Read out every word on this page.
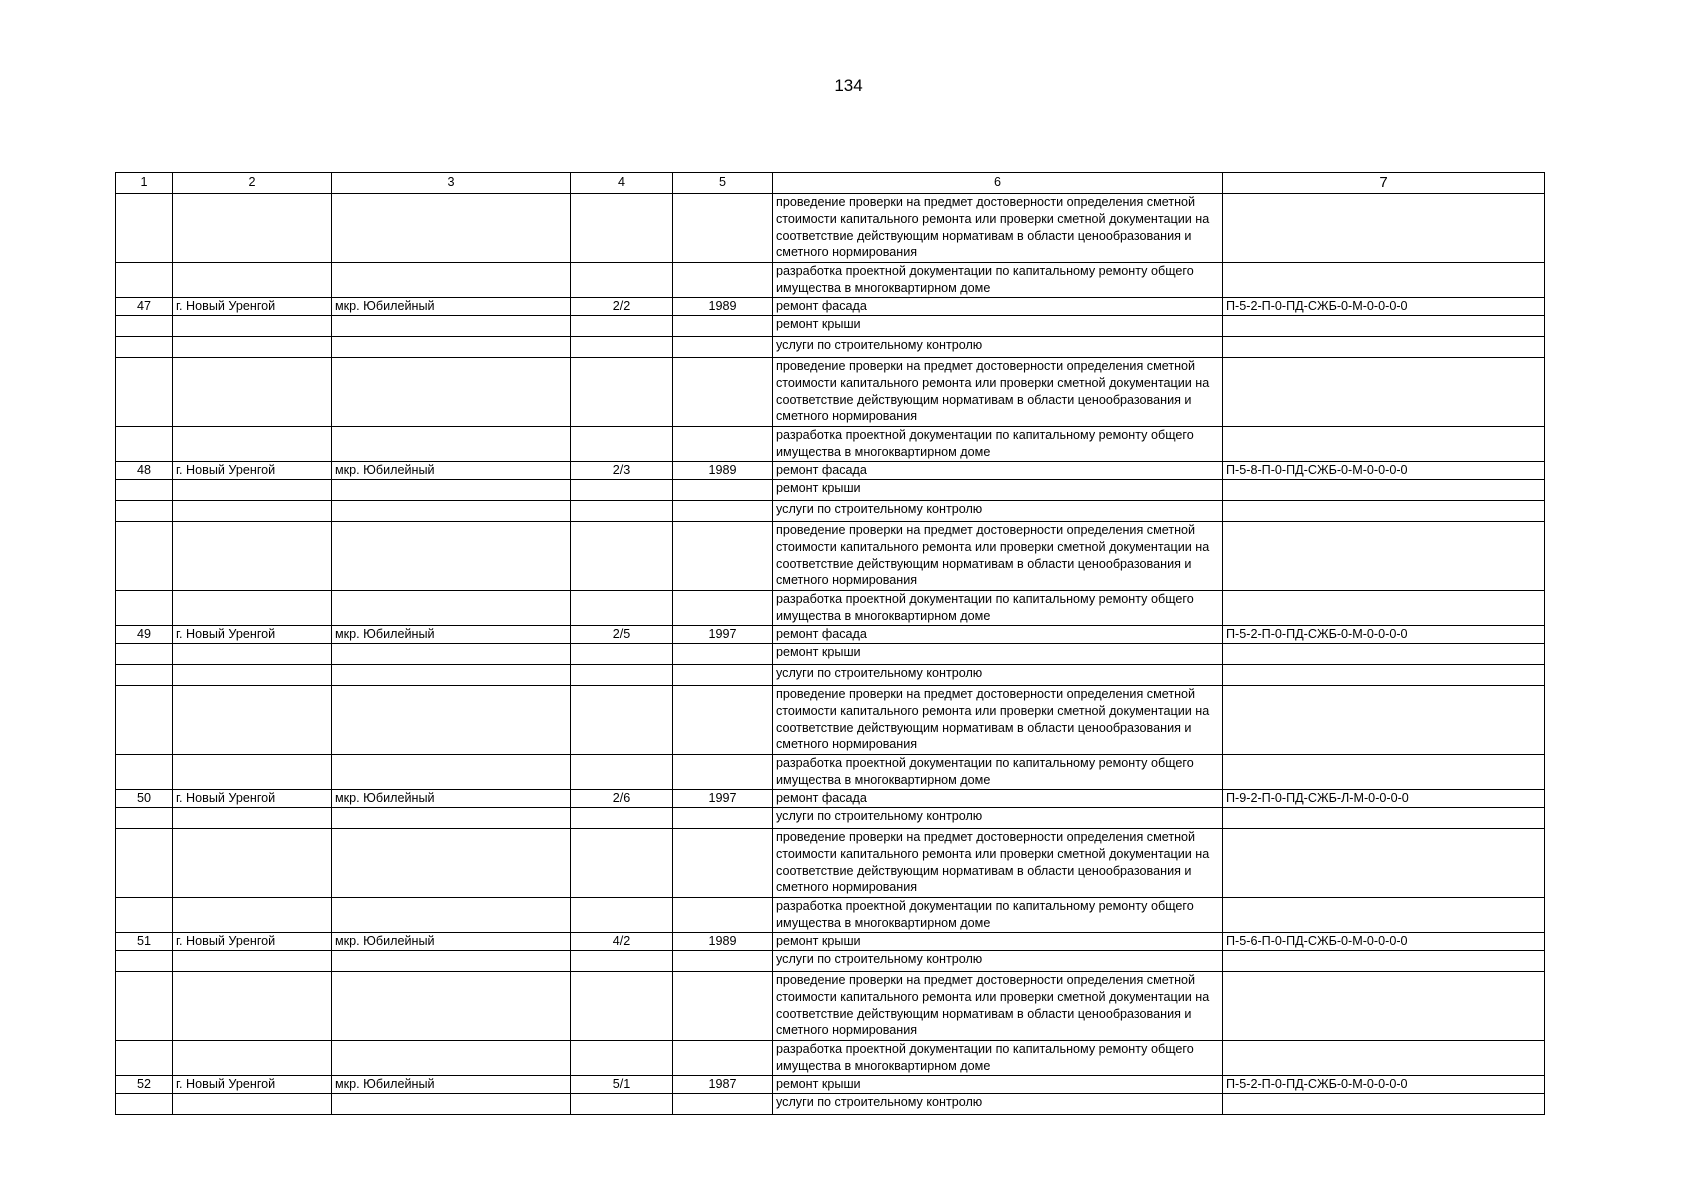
134
1	2	3	4	5	6	7
					проведение проверки на предмет достоверности определения сметной стоимости капитального ремонта или проверки сметной документации на соответствие действующим нормативам в области ценообразования и сметного нормирования	
					разработка проектной документации по капитальному ремонту общего имущества в многоквартирном доме	
47	г. Новый Уренгой	мкр. Юбилейный	2/2	1989	ремонт фасада	П-5-2-П-0-ПД-СЖБ-0-М-0-0-0-0
					ремонт крыши	
					услуги по строительному контролю	
					проведение проверки на предмет достоверности определения сметной стоимости капитального ремонта или проверки сметной документации на соответствие действующим нормативам в области ценообразования и сметного нормирования	
					разработка проектной документации по капитальному ремонту общего имущества в многоквартирном доме	
48	г. Новый Уренгой	мкр. Юбилейный	2/3	1989	ремонт фасада	П-5-8-П-0-ПД-СЖБ-0-М-0-0-0-0
					ремонт крыши	
					услуги по строительному контролю	
					проведение проверки на предмет достоверности определения сметной стоимости капитального ремонта или проверки сметной документации на соответствие действующим нормативам в области ценообразования и сметного нормирования	
					разработка проектной документации по капитальному ремонту общего имущества в многоквартирном доме	
49	г. Новый Уренгой	мкр. Юбилейный	2/5	1997	ремонт фасада	П-5-2-П-0-ПД-СЖБ-0-М-0-0-0-0
					ремонт крыши	
					услуги по строительному контролю	
					проведение проверки на предмет достоверности определения сметной стоимости капитального ремонта или проверки сметной документации на соответствие действующим нормативам в области ценообразования и сметного нормирования	
					разработка проектной документации по капитальному ремонту общего имущества в многоквартирном доме	
50	г. Новый Уренгой	мкр. Юбилейный	2/6	1997	ремонт фасада	П-9-2-П-0-ПД-СЖБ-Л-М-0-0-0-0
					услуги по строительному контролю	
					проведение проверки на предмет достоверности определения сметной стоимости капитального ремонта или проверки сметной документации на соответствие действующим нормативам в области ценообразования и сметного нормирования	
					разработка проектной документации по капитальному ремонту общего имущества в многоквартирном доме	
51	г. Новый Уренгой	мкр. Юбилейный	4/2	1989	ремонт крыши	П-5-6-П-0-ПД-СЖБ-0-М-0-0-0-0
					услуги по строительному контролю	
					проведение проверки на предмет достоверности определения сметной стоимости капитального ремонта или проверки сметной документации на соответствие действующим нормативам в области ценообразования и сметного нормирования	
					разработка проектной документации по капитальному ремонту общего имущества в многоквартирном доме	
52	г. Новый Уренгой	мкр. Юбилейный	5/1	1987	ремонт крыши	П-5-2-П-0-ПД-СЖБ-0-М-0-0-0-0
					услуги по строительному контролю	
